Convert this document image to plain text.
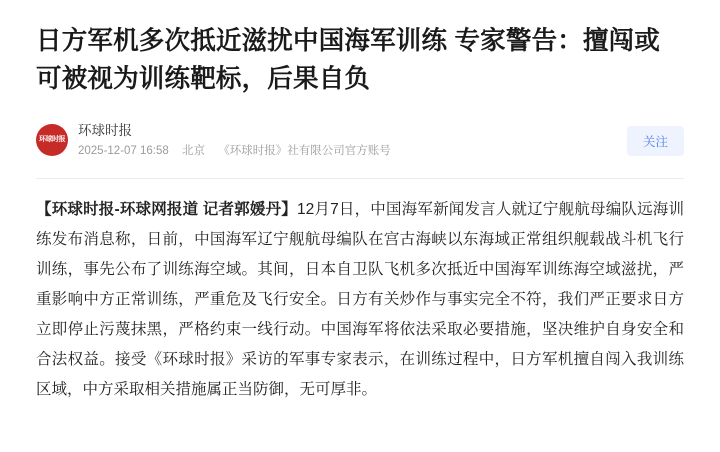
日方军机多次抵近滋扰中国海军训练 专家警告：擅闯或可被视为训练靶标，后果自负
环球时报
环球时报
2025-12-07 16:58 北京 《环球时报》社有限公司官方账号
关注

【环球时报-环球网报道 记者郭媛丹】12月7日，中国海军新闻发言人就辽宁舰航母编队远海训练发布消息称，日前，中国海军辽宁舰航母编队在宫古海峡以东海域正常组织舰载战斗机飞行训练，事先公布了训练海空域。其间，日本自卫队飞机多次抵近中国海军训练海空域滋扰，严重影响中方正常训练，严重危及飞行安全。日方有关炒作与事实完全不符，我们严正要求日方立即停止污蔑抹黑，严格约束一线行动。中国海军将依法采取必要措施，坚决维护自身安全和合法权益。接受《环球时报》采访的军事专家表示，在训练过程中，日方军机擅自闯入我训练区域，中方采取相关措施属正当防御，无可厚非。
